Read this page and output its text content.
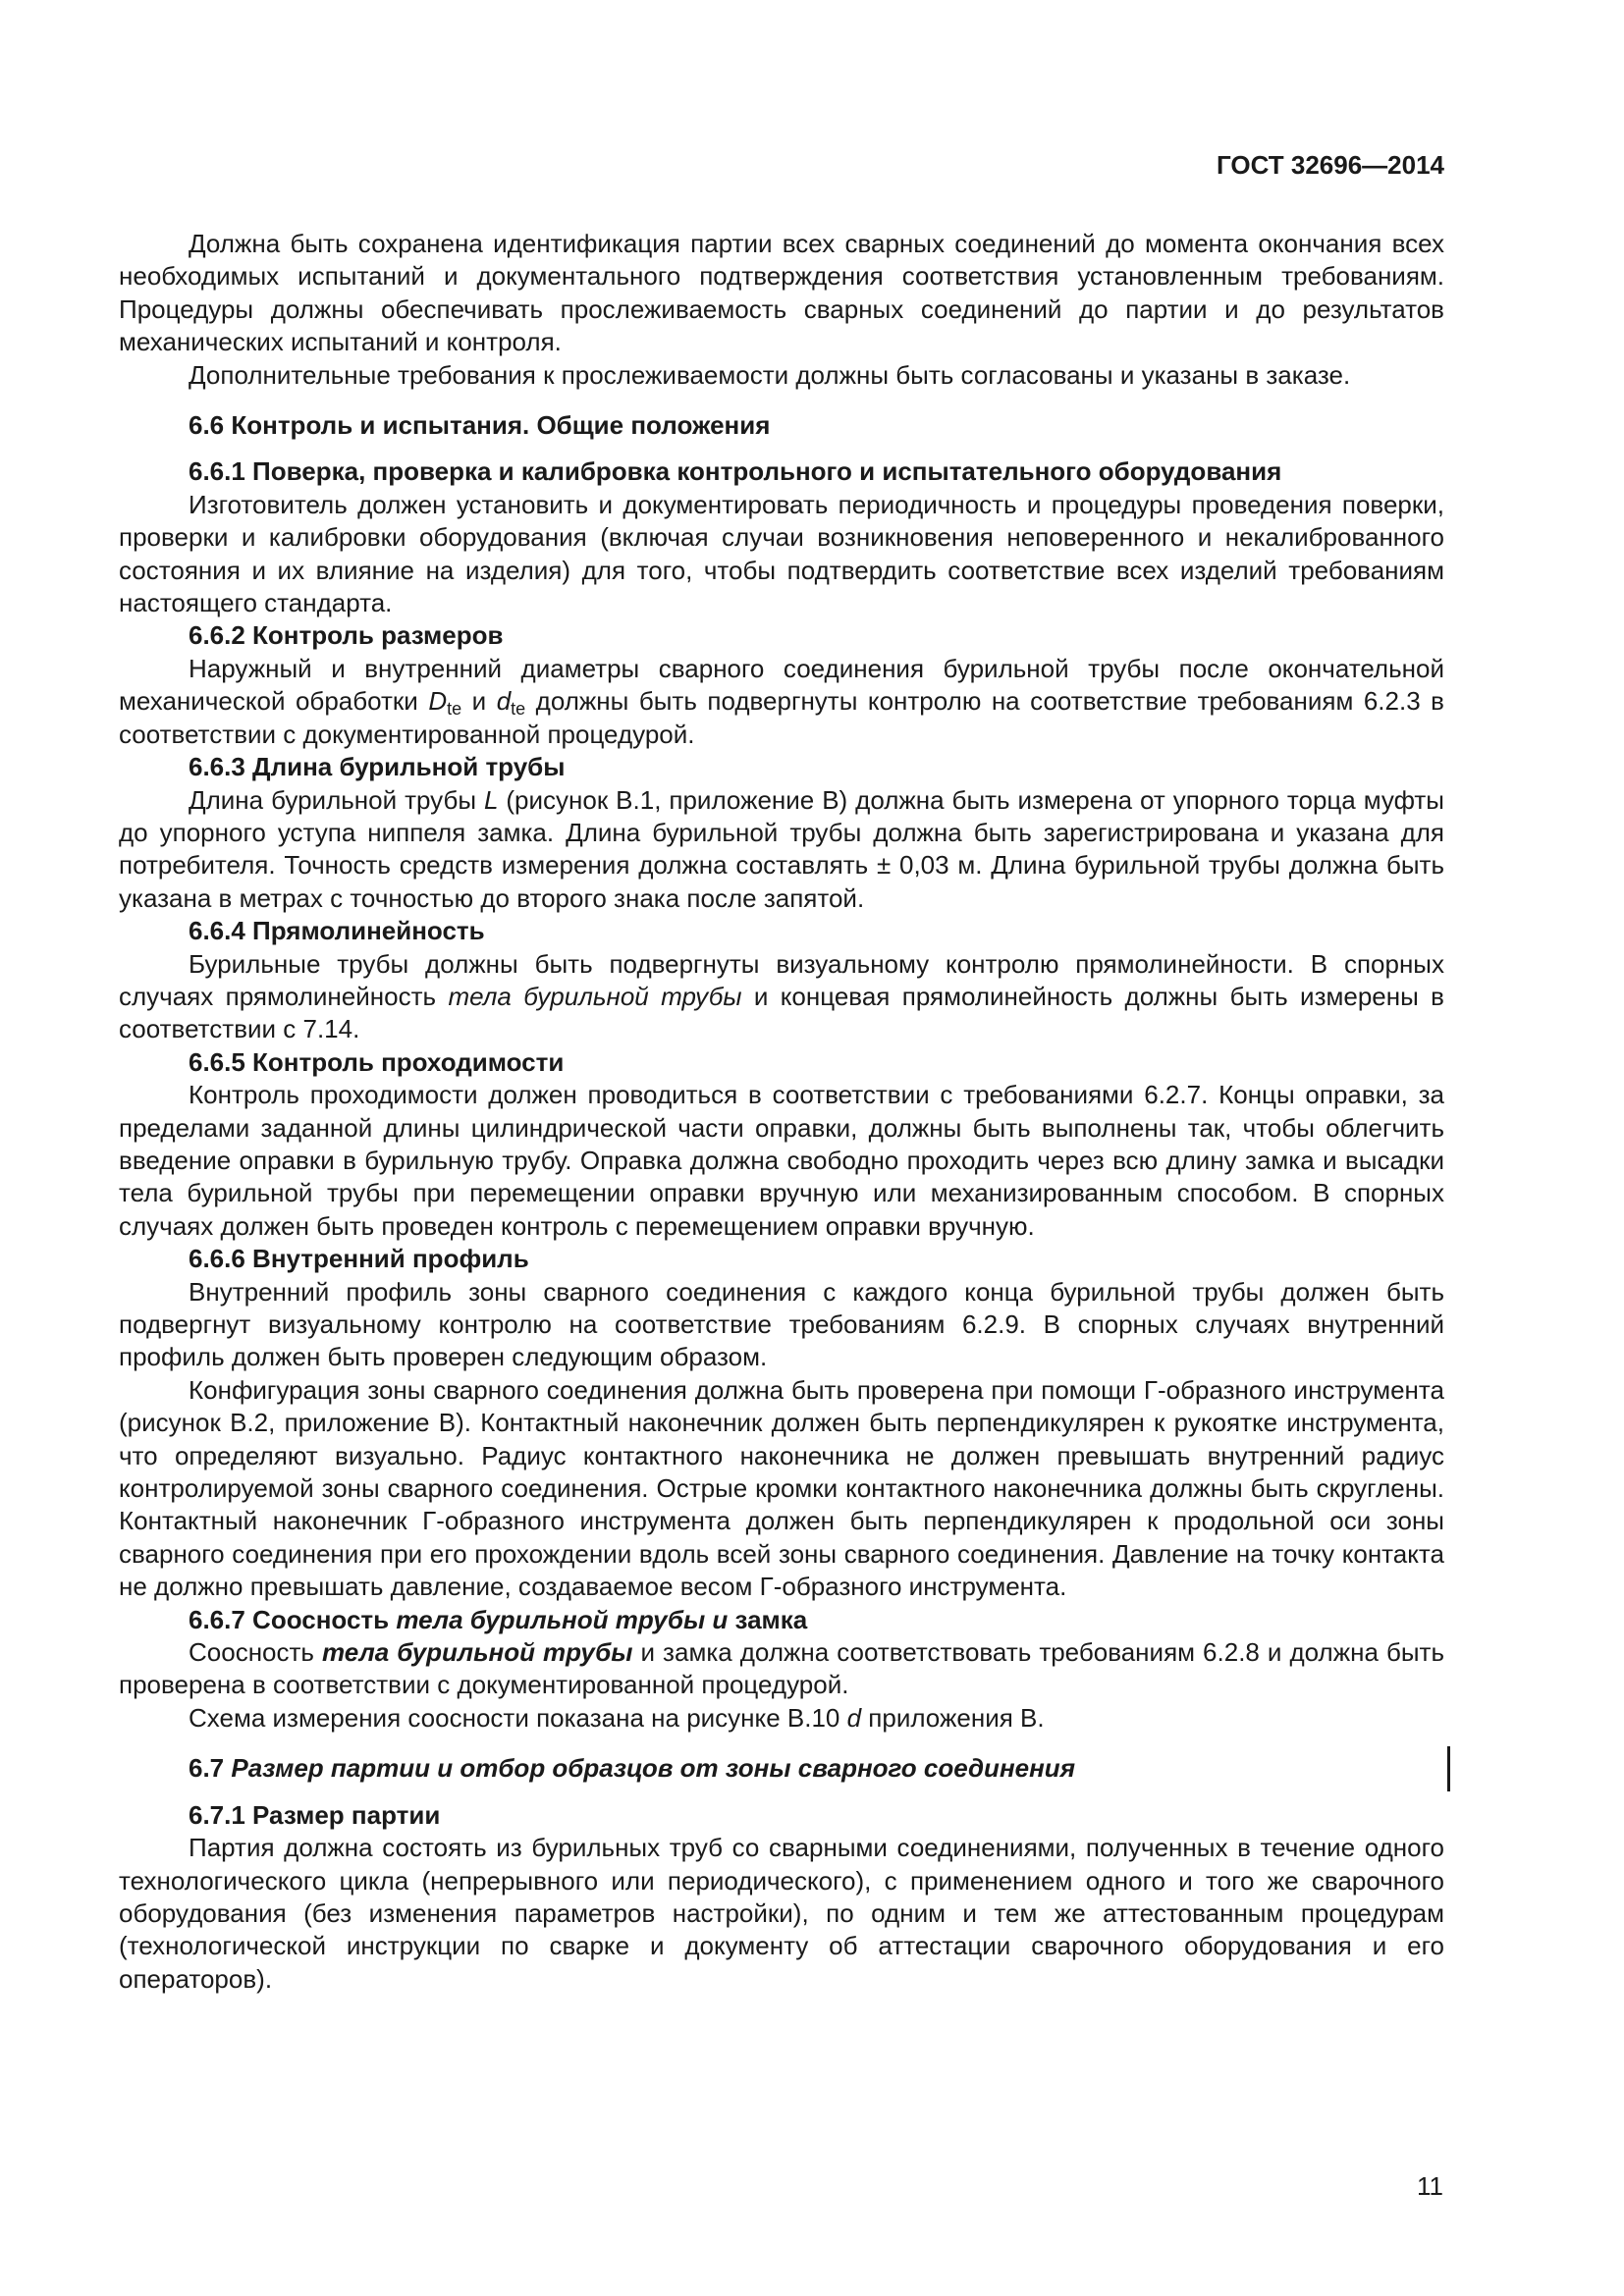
ГОСТ 32696—2014

Должна быть сохранена идентификация партии всех сварных соединений до момента окончания всех необходимых испытаний и документального подтверждения соответствия установленным требованиям. Процедуры должны обеспечивать прослеживаемость сварных соединений до партии и до результатов механических испытаний и контроля.

Дополнительные требования к прослеживаемости должны быть согласованы и указаны в заказе.

6.6 Контроль и испытания. Общие положения

6.6.1 Поверка, проверка и калибровка контрольного и испытательного оборудования

Изготовитель должен установить и документировать периодичность и процедуры проведения поверки, проверки и калибровки оборудования (включая случаи возникновения неповеренного и некалиброванного состояния и их влияние на изделия) для того, чтобы подтвердить соответствие всех изделий требованиям настоящего стандарта.

6.6.2 Контроль размеров

Наружный и внутренний диаметры сварного соединения бурильной трубы после окончательной механической обработки $D_{te}$ и $d_{te}$ должны быть подвергнуты контролю на соответствие требованиям 6.2.3 в соответствии с документированной процедурой.

6.6.3 Длина бурильной трубы

Длина бурильной трубы L (рисунок В.1, приложение В) должна быть измерена от упорного торца муфты до упорного уступа ниппеля замка. Длина бурильной трубы должна быть зарегистрирована и указана для потребителя. Точность средств измерения должна составлять ± 0,03 м. Длина бурильной трубы должна быть указана в метрах с точностью до второго знака после запятой.

6.6.4 Прямолинейность

Бурильные трубы должны быть подвергнуты визуальному контролю прямолинейности. В спорных случаях прямолинейность тела бурильной трубы и концевая прямолинейность должны быть измерены в соответствии с 7.14.

6.6.5 Контроль проходимости

Контроль проходимости должен проводиться в соответствии с требованиями 6.2.7. Концы оправки, за пределами заданной длины цилиндрической части оправки, должны быть выполнены так, чтобы облегчить введение оправки в бурильную трубу. Оправка должна свободно проходить через всю длину замка и высадки тела бурильной трубы при перемещении оправки вручную или механизированным способом. В спорных случаях должен быть проведен контроль с перемещением оправки вручную.

6.6.6 Внутренний профиль

Внутренний профиль зоны сварного соединения с каждого конца бурильной трубы должен быть подвергнут визуальному контролю на соответствие требованиям 6.2.9. В спорных случаях внутренний профиль должен быть проверен следующим образом.

Конфигурация зоны сварного соединения должна быть проверена при помощи Г-образного инструмента (рисунок В.2, приложение В). Контактный наконечник должен быть перпендикулярен к рукоятке инструмента, что определяют визуально. Радиус контактного наконечника не должен превышать внутренний радиус контролируемой зоны сварного соединения. Острые кромки контактного наконечника должны быть скруглены. Контактный наконечник Г-образного инструмента должен быть перпендикулярен к продольной оси зоны сварного соединения при его прохождении вдоль всей зоны сварного соединения. Давление на точку контакта не должно превышать давление, создаваемое весом Г-образного инструмента.

6.6.7 Соосность тела бурильной трубы и замка

Соосность тела бурильной трубы и замка должна соответствовать требованиям 6.2.8 и должна быть проверена в соответствии с документированной процедурой.

Схема измерения соосности показана на рисунке В.10 d приложения В.

6.7 Размер партии и отбор образцов от зоны сварного соединения

6.7.1 Размер партии

Партия должна состоять из бурильных труб со сварными соединениями, полученных в течение одного технологического цикла (непрерывного или периодического), с применением одного и того же сварочного оборудования (без изменения параметров настройки), по одним и тем же аттестованным процедурам (технологической инструкции по сварке и документу об аттестации сварочного оборудования и его операторов).

11
